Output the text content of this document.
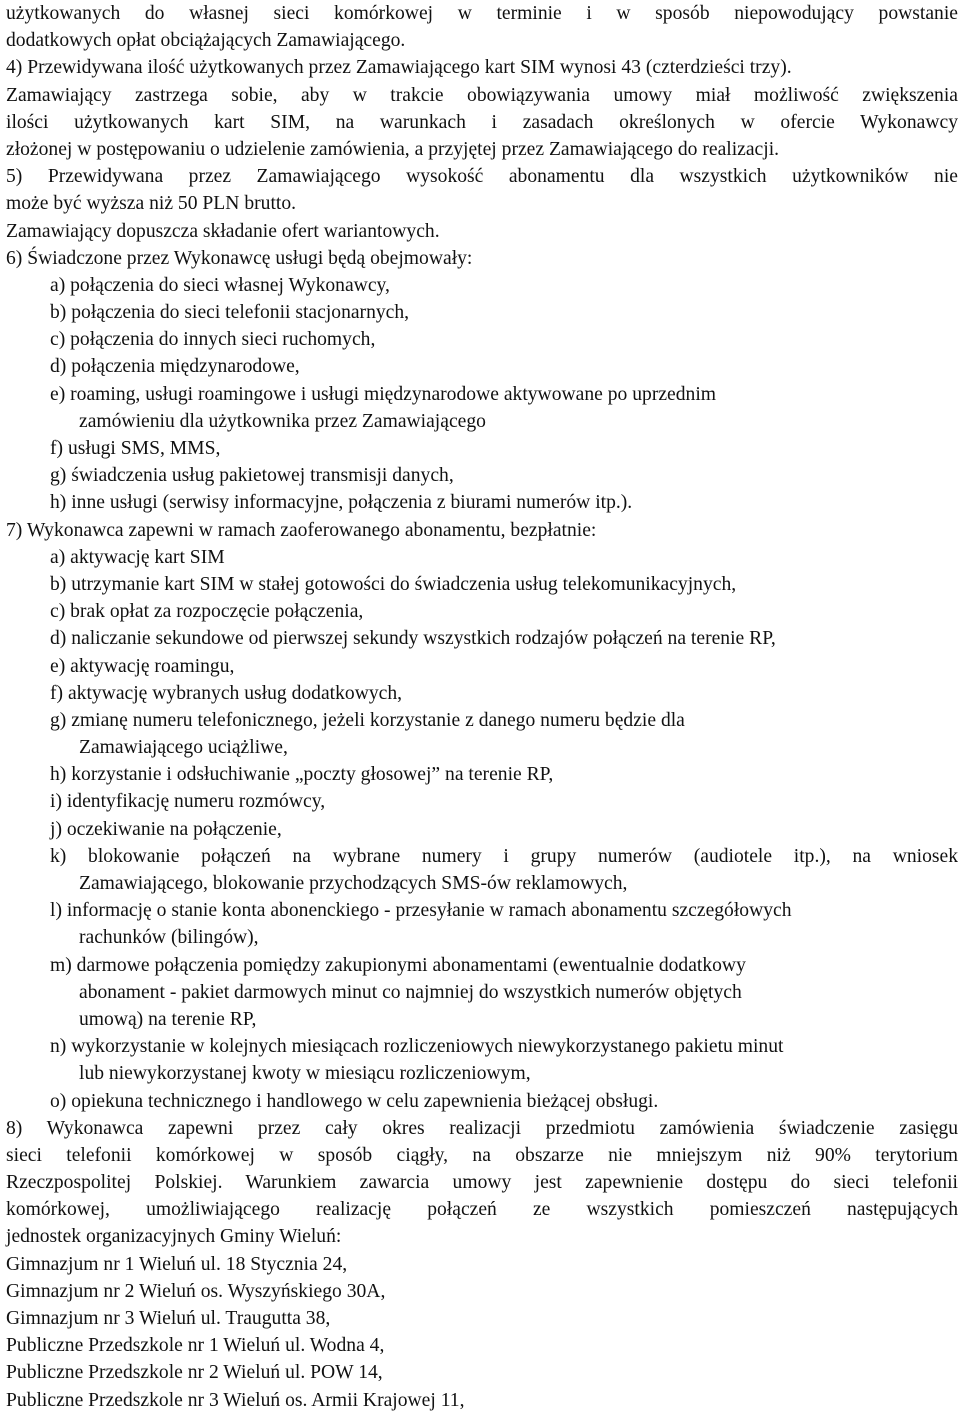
użytkowanych do własnej sieci komórkowej w terminie i w sposób niepowodujący powstanie
dodatkowych opłat obciążających Zamawiającego.
4) Przewidywana ilość użytkowanych przez Zamawiającego kart SIM wynosi 43 (czterdzieści trzy).
Zamawiający zastrzega sobie, aby w trakcie obowiązywania umowy miał możliwość zwiększenia
ilości użytkowanych kart SIM, na warunkach i zasadach określonych w ofercie Wykonawcy
złożonej w postępowaniu o udzielenie zamówienia, a przyjętej przez Zamawiającego do realizacji.
5) Przewidywana przez Zamawiającego wysokość abonamentu dla wszystkich użytkowników nie
może być wyższa niż 50 PLN brutto.
Zamawiający dopuszcza składanie ofert wariantowych.
6) Świadczone przez Wykonawcę usługi będą obejmowały:
a) połączenia do sieci własnej Wykonawcy,
b) połączenia do sieci telefonii stacjonarnych,
c) połączenia do innych sieci ruchomych,
d) połączenia międzynarodowe,
e) roaming, usługi roamingowe i usługi międzynarodowe aktywowane po uprzednim
zamówieniu dla użytkownika przez Zamawiającego
f) usługi SMS, MMS,
g) świadczenia usług pakietowej transmisji danych,
h) inne usługi (serwisy informacyjne, połączenia z biurami numerów itp.).
7) Wykonawca zapewni w ramach zaoferowanego abonamentu, bezpłatnie:
a) aktywację kart SIM
b) utrzymanie kart SIM w stałej gotowości do świadczenia usług telekomunikacyjnych,
c) brak opłat za rozpoczęcie połączenia,
d) naliczanie sekundowe od pierwszej sekundy wszystkich rodzajów połączeń na terenie RP,
e) aktywację roamingu,
f) aktywację wybranych usług dodatkowych,
g) zmianę numeru telefonicznego, jeżeli korzystanie z danego numeru będzie dla
Zamawiającego uciążliwe,
h) korzystanie i odsłuchiwanie „poczty głosowej” na terenie RP,
i) identyfikację numeru rozmówcy,
j) oczekiwanie na połączenie,
k) blokowanie połączeń na wybrane numery i grupy numerów (audiotele itp.), na wniosek
Zamawiającego, blokowanie przychodzących SMS-ów reklamowych,
l) informację o stanie konta abonenckiego - przesyłanie w ramach abonamentu szczegółowych
rachunków (bilingów),
m) darmowe połączenia pomiędzy zakupionymi abonamentami (ewentualnie dodatkowy
abonament - pakiet darmowych minut co najmniej do wszystkich numerów objętych
umową) na terenie RP,
n) wykorzystanie w kolejnych miesiącach rozliczeniowych niewykorzystanego pakietu minut
lub niewykorzystanej kwoty w miesiącu rozliczeniowym,
o) opiekuna technicznego i handlowego w celu zapewnienia bieżącej obsługi.
8) Wykonawca zapewni przez cały okres realizacji przedmiotu zamówienia świadczenie zasięgu
sieci telefonii komórkowej w sposób ciągły, na obszarze nie mniejszym niż 90% terytorium
Rzeczpospolitej Polskiej. Warunkiem zawarcia umowy jest zapewnienie dostępu do sieci telefonii
komórkowej, umożliwiającego realizację połączeń ze wszystkich pomieszczeń następujących
jednostek organizacyjnych Gminy Wieluń:
Gimnazjum nr 1 Wieluń ul. 18 Stycznia 24,
Gimnazjum nr 2 Wieluń os. Wyszyńskiego 30A,
Gimnazjum nr 3 Wieluń ul. Traugutta 38,
Publiczne Przedszkole nr 1 Wieluń ul. Wodna 4,
Publiczne Przedszkole nr 2 Wieluń ul. POW 14,
Publiczne Przedszkole nr 3 Wieluń os. Armii Krajowej 11,
